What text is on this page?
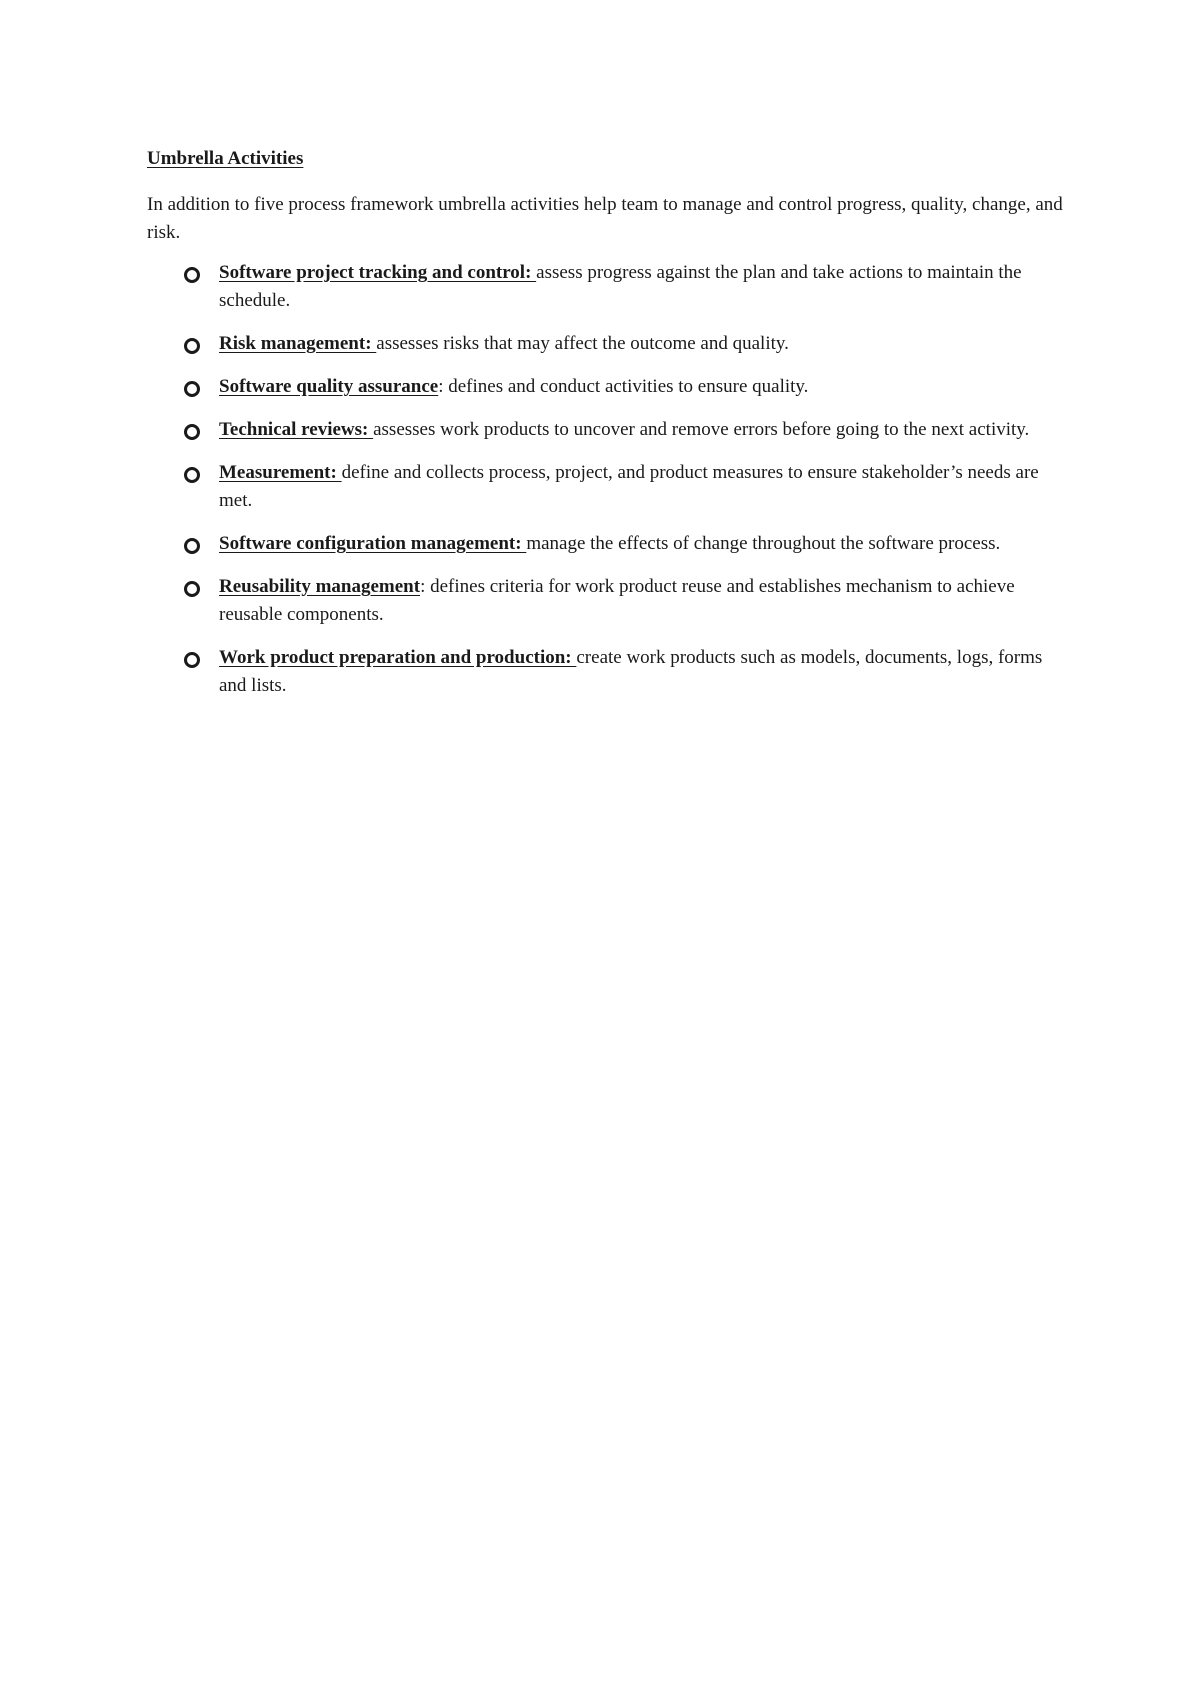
Umbrella Activities
In addition to five process framework umbrella activities help team to manage and control progress, quality, change, and risk.
Software project tracking and control: assess progress against the plan and take actions to maintain the schedule.
Risk management: assesses risks that may affect the outcome and quality.
Software quality assurance: defines and conduct activities to ensure quality.
Technical reviews: assesses work products to uncover and remove errors before going to the next activity.
Measurement: define and collects process, project, and product measures to ensure stakeholder’s needs are met.
Software configuration management: manage the effects of change throughout the software process.
Reusability management: defines criteria for work product reuse and establishes mechanism to achieve reusable components.
Work product preparation and production: create work products such as models, documents, logs, forms and lists.
